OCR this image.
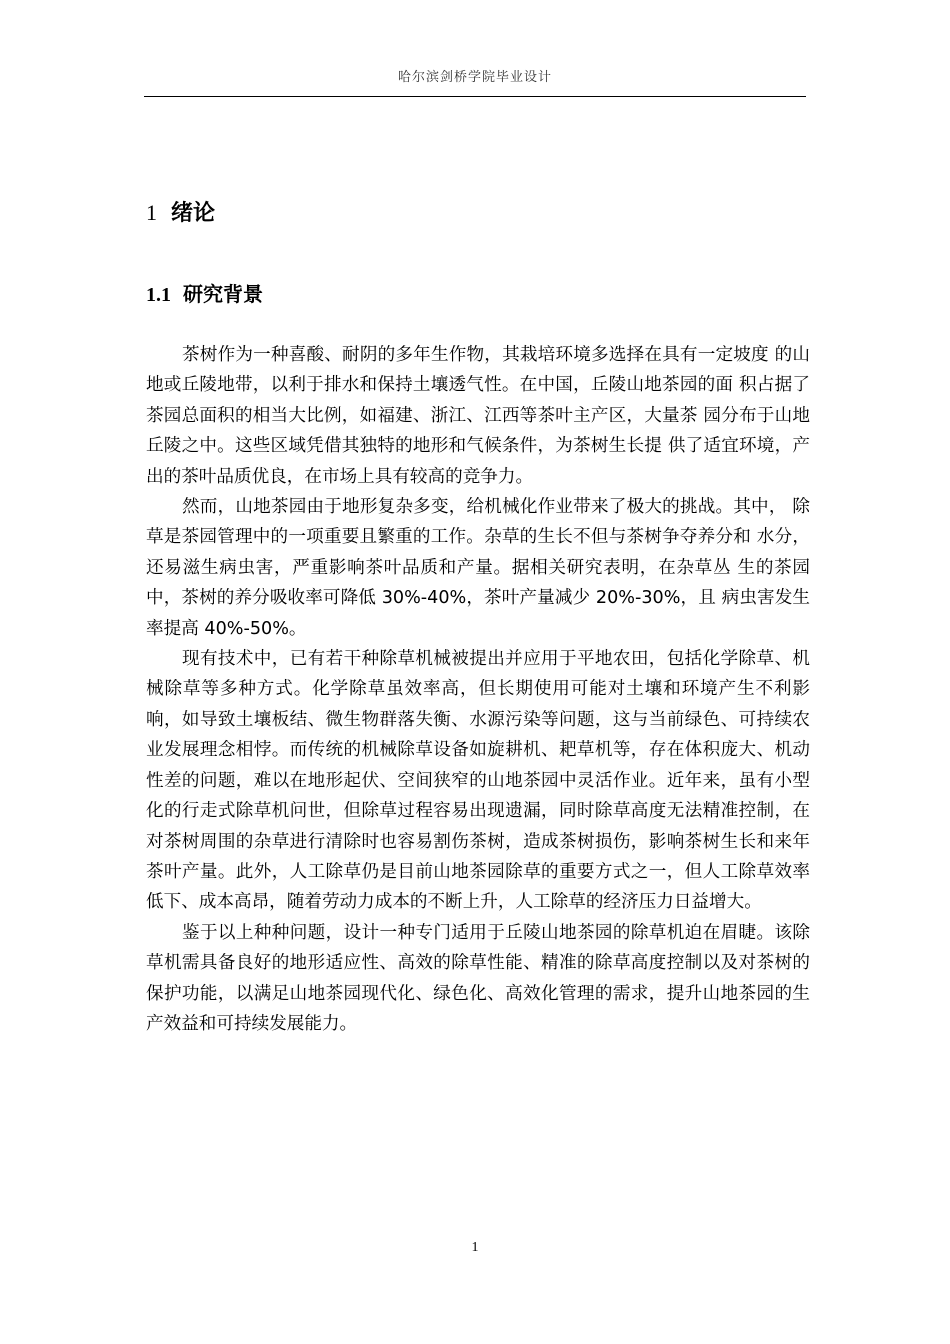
哈尔滨剑桥学院毕业设计
1 绪论
1.1 研究背景

茶树作为一种喜酸、耐阴的多年生作物，其栽培环境多选择在具有一定坡度 的山地或丘陵地带，以利于排水和保持土壤透气性。在中国，丘陵山地茶园的面 积占据了茶园总面积的相当大比例，如福建、浙江、江西等茶叶主产区，大量茶 园分布于山地丘陵之中。这些区域凭借其独特的地形和气候条件，为茶树生长提 供了适宜环境，产出的茶叶品质优良，在市场上具有较高的竞争力。

然而，山地茶园由于地形复杂多变，给机械化作业带来了极大的挑战。其中， 除草是茶园管理中的一项重要且繁重的工作。杂草的生长不但与茶树争夺养分和 水分，还易滋生病虫害，严重影响茶叶品质和产量。据相关研究表明，在杂草丛 生的茶园中，茶树的养分吸收率可降低 30%-40%，茶叶产量减少 20%-30%，且 病虫害发生率提高 40%-50%。

现有技术中，已有若干种除草机械被提出并应用于平地农田，包括化学除草、机械除草等多种方式。化学除草虽效率高，但长期使用可能对土壤和环境产生不利影响，如导致土壤板结、微生物群落失衡、水源污染等问题，这与当前绿色、可持续农业发展理念相悖。而传统的机械除草设备如旋耕机、耙草机等，存在体积庞大、机动性差的问题，难以在地形起伏、空间狭窄的山地茶园中灵活作业。近年来，虽有小型化的行走式除草机问世，但除草过程容易出现遗漏，同时除草高度无法精准控制，在对茶树周围的杂草进行清除时也容易割伤茶树，造成茶树损伤，影响茶树生长和来年茶叶产量。此外，人工除草仍是目前山地茶园除草的重要方式之一，但人工除草效率低下、成本高昂，随着劳动力成本的不断上升，人工除草的经济压力日益增大。

鉴于以上种种问题，设计一种专门适用于丘陵山地茶园的除草机迫在眉睫。该除草机需具备良好的地形适应性、高效的除草性能、精准的除草高度控制以及对茶树的保护功能，以满足山地茶园现代化、绿色化、高效化管理的需求，提升山地茶园的生产效益和可持续发展能力。

1
